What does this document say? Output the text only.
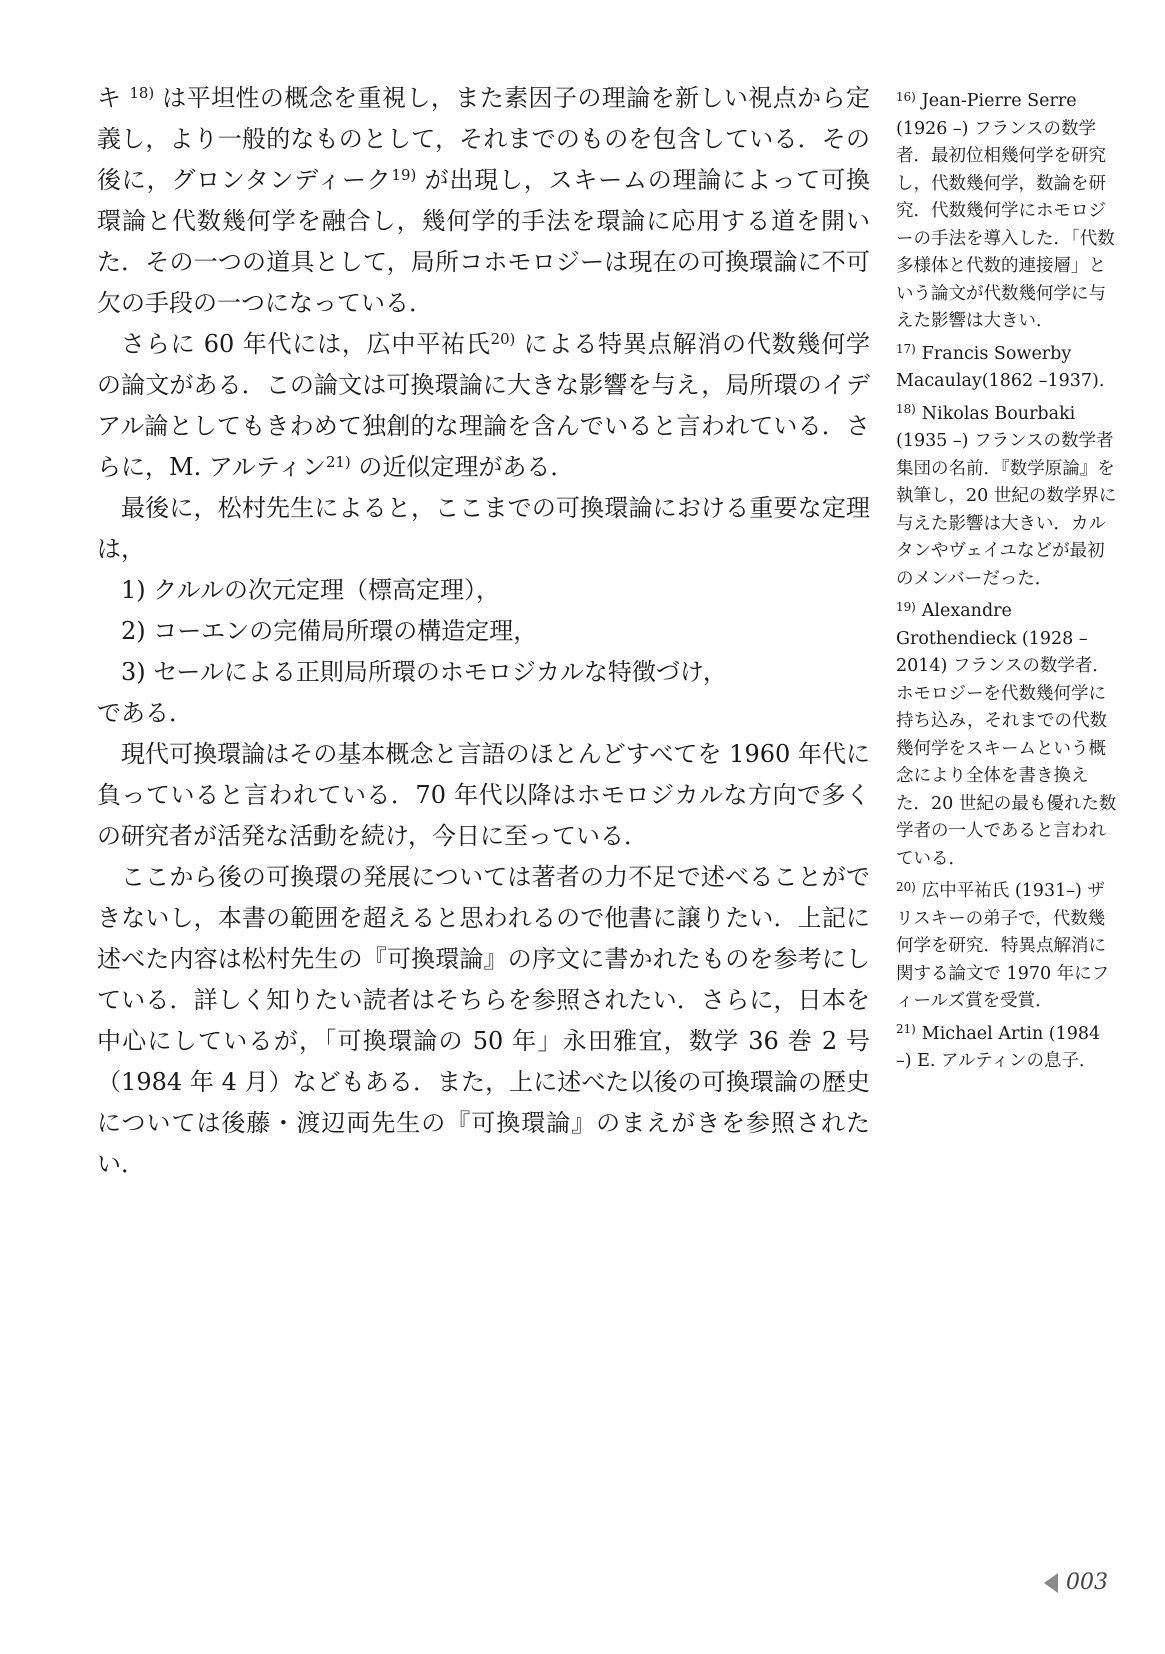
キ $^{18)}$ は平坦性の概念を重視し，また素因子の理論を新しい視点から定義し，より一般的なものとして，それまでのものを包含している．その後に，グロンタンディーク$^{19)}$ が出現し，スキームの理論によって可換環論と代数幾何学を融合し，幾何学的手法を環論に応用する道を開いた．その一つの道具として，局所コホモロジーは現在の可換環論に不可欠の手段の一つになっている．

さらに 60 年代には，広中平祐氏$^{20)}$ による特異点解消の代数幾何学の論文がある．この論文は可換環論に大きな影響を与え，局所環のイデアル論としてもきわめて独創的な理論を含んでいると言われている．さらに，M. アルティン$^{21)}$ の近似定理がある．

最後に，松村先生によると，ここまでの可換環論における重要な定理は，

1) クルルの次元定理（標高定理），

2) コーエンの完備局所環の構造定理，

3) セールによる正則局所環のホモロジカルな特徴づけ，

である．

現代可換環論はその基本概念と言語のほとんどすべてを 1960 年代に負っていると言われている．70 年代以降はホモロジカルな方向で多くの研究者が活発な活動を続け，今日に至っている．

ここから後の可換環の発展については著者の力不足で述べることができないし，本書の範囲を超えると思われるので他書に譲りたい．上記に述べた内容は松村先生の『可換環論』の序文に書かれたものを参考にしている．詳しく知りたい読者はそちらを参照されたい．さらに，日本を中心にしているが，「可換環論の 50 年」永田雅宜，数学 36 巻 2 号（1984 年 4 月）などもある．また，上に述べた以後の可換環論の歴史については後藤・渡辺両先生の『可換環論』のまえがきを参照されたい．

$^{16)}$ Jean-Pierre Serre (1926 –) フランスの数学者．最初位相幾何学を研究し，代数幾何学，数論を研究．代数幾何学にホモロジーの手法を導入した．「代数多様体と代数的連接層」という論文が代数幾何学に与えた影響は大きい．
$^{17)}$ Francis Sowerby Macaulay(1862 –1937).
$^{18)}$ Nikolas Bourbaki (1935 –) フランスの数学者集団の名前．『数学原論』を執筆し，20 世紀の数学界に与えた影響は大きい．カルタンやヴェイユなどが最初のメンバーだった．
$^{19)}$ Alexandre Grothendieck (1928 – 2014) フランスの数学者．ホモロジーを代数幾何学に持ち込み，それまでの代数幾何学をスキームという概念により全体を書き換えた．20 世紀の最も優れた数学者の一人であると言われている．
$^{20)}$ 広中平祐氏 (1931–) ザリスキーの弟子で，代数幾何学を研究．特異点解消に関する論文で 1970 年にフィールズ賞を受賞．
$^{21)}$ Michael Artin (1984 –) E. アルティンの息子．
003
